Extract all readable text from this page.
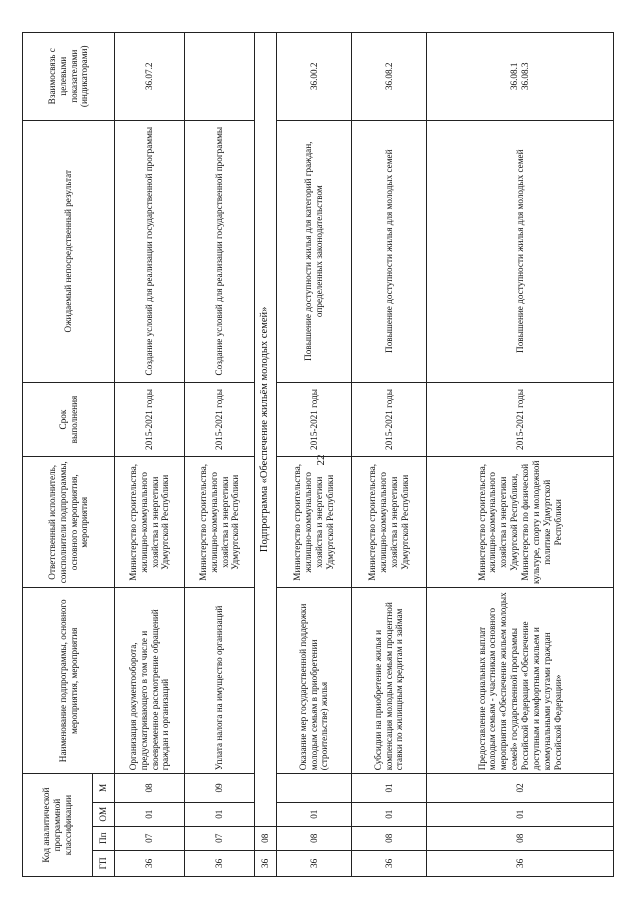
22
Код аналитической программной классификации				Наименование подпрограммы, основного мероприятия, мероприятия	Ответственный исполнитель, соисполнители подпрограммы, основного мероприятия, мероприятия	Срок выполнения	Ожидаемый непосредственный результат	Взаимосвязь с целевыми показателями (индикаторами)
ГП	Пп	ОМ	М					
36	07	01	08	Организация документооборота, предусматривающего в том числе и своевременное рассмотрение обращений граждан и организаций	Министерство строительства, жилищно-коммунального хозяйства и энергетики Удмуртской Республики	2015-2021 годы	Создание условий для реализации государственной программы	36.07.2
36	07	01	09	Уплата налога на имущество организаций	Министерство строительства, жилищно-коммунального хозяйства и энергетики Удмуртской Республики	2015-2021 годы	Создание условий для реализации государственной программы	
36	08	Подпрограмма «Обеспечение жильём молодых семей»						
36	08	01		Оказание мер государственной поддержки молодым семьям в приобретении (строительстве) жилья	Министерство строительства, жилищно-коммунального хозяйства и энергетики Удмуртской Республики	2015-2021 годы	Повышение доступности жилья для категорий граждан, определенных законодательством	36.00.2
36	08	01	01	Субсидии на приобретение жилья и компенсация молодым семьям процентной ставки по жилищным кредитам и займам	Министерство строительства, жилищно-коммунального хозяйства и энергетики Удмуртской Республики	2015-2021 годы	Повышение доступности жилья для молодых семей	36.08.2
36	08	01	02	Предоставление социальных выплат молодым семьям - участникам основного мероприятия «Обеспечение жильем молодых семей» государственной программы Российской Федерации «Обеспечение доступным и комфортным жильем и коммунальными услугами граждан Российской Федерации»	Министерство строительства, жилищно-коммунального хозяйства и энергетики Удмуртской Республики, Министерство по физической культуре, спорту и молодежной политике Удмуртской Республики	2015-2021 годы	Повышение доступности жилья для молодых семей	36.08.1 36.08.3
